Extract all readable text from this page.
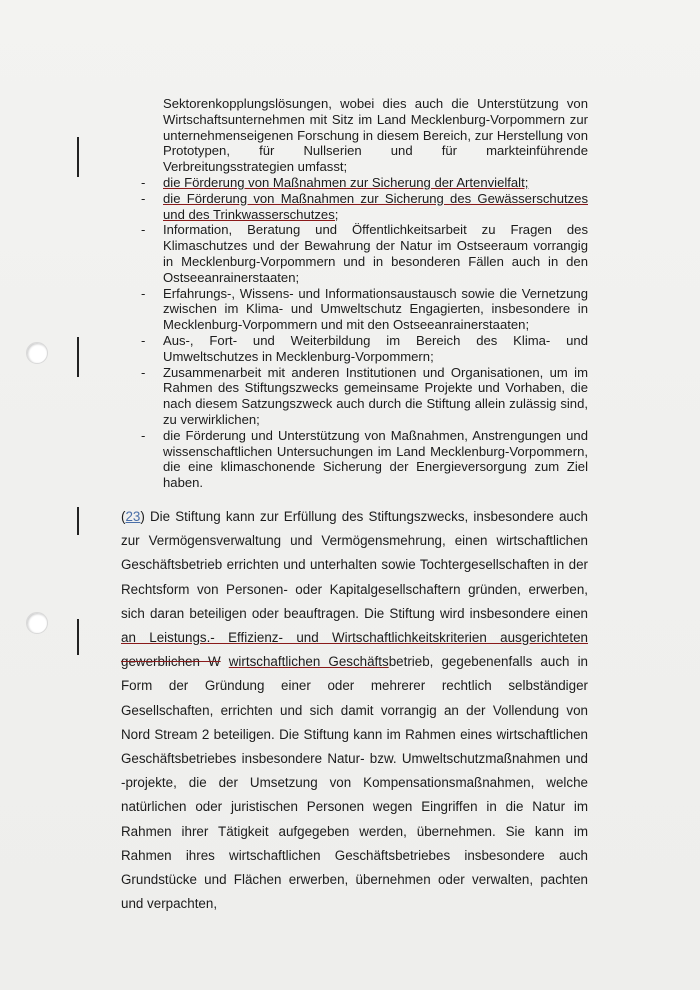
Sektorenkopplungslösungen, wobei dies auch die Unterstützung von Wirtschaftsunternehmen mit Sitz im Land Mecklenburg-Vorpommern zur unternehmenseigenen Forschung in diesem Bereich, zur Herstellung von Prototypen, für Nullserien und für markteinführende Verbreitungsstrategien umfasst;

- die Förderung von Maßnahmen zur Sicherung der Artenvielfalt;
- die Förderung von Maßnahmen zur Sicherung des Gewässerschutzes und des Trinkwasserschutzes;
- Information, Beratung und Öffentlichkeitsarbeit zu Fragen des Klimaschutzes und der Bewahrung der Natur im Ostseeraum vorrangig in Mecklenburg-Vorpommern und in besonderen Fällen auch in den Ostseeanrainerstaaten;
- Erfahrungs-, Wissens- und Informationsaustausch sowie die Vernetzung zwischen im Klima- und Umweltschutz Engagierten, insbesondere in Mecklenburg-Vorpommern und mit den Ostseeanrainerstaaten;
- Aus-, Fort- und Weiterbildung im Bereich des Klima- und Umweltschutzes in Mecklenburg-Vorpommern;
- Zusammenarbeit mit anderen Institutionen und Organisationen, um im Rahmen des Stiftungszwecks gemeinsame Projekte und Vorhaben, die nach diesem Satzungszweck auch durch die Stiftung allein zulässig sind, zu verwirklichen;
- die Förderung und Unterstützung von Maßnahmen, Anstrengungen und wissenschaftlichen Untersuchungen im Land Mecklenburg-Vorpommern, die eine klimaschonende Sicherung der Energieversorgung zum Ziel haben.

(23) Die Stiftung kann zur Erfüllung des Stiftungszwecks, insbesondere auch zur Vermögensverwaltung und Vermögensmehrung, einen wirtschaftlichen Geschäftsbetrieb errichten und unterhalten sowie Tochtergesellschaften in der Rechtsform von Personen- oder Kapitalgesellschaftern gründen, erwerben, sich daran beteiligen oder beauftragen. Die Stiftung wird insbesondere einen an Leistungs.- Effizienz- und Wirtschaftlichkeitskriterien ausgerichteten gewerblichen W wirtschaftlichen Geschäftsbetrieb, gegebenenfalls auch in Form der Gründung einer oder mehrerer rechtlich selbständiger Gesellschaften, errichten und sich damit vorrangig an der Vollendung von Nord Stream 2 beteiligen. Die Stiftung kann im Rahmen eines wirtschaftlichen Geschäftsbetriebes insbesondere Natur- bzw. Umweltschutzmaßnahmen und -projekte, die der Umsetzung von Kompensationsmaßnahmen, welche natürlichen oder juristischen Personen wegen Eingriffen in die Natur im Rahmen ihrer Tätigkeit aufgegeben werden, übernehmen. Sie kann im Rahmen ihres wirtschaftlichen Geschäftsbetriebes insbesondere auch Grundstücke und Flächen erwerben, übernehmen oder verwalten, pachten und verpachten,
